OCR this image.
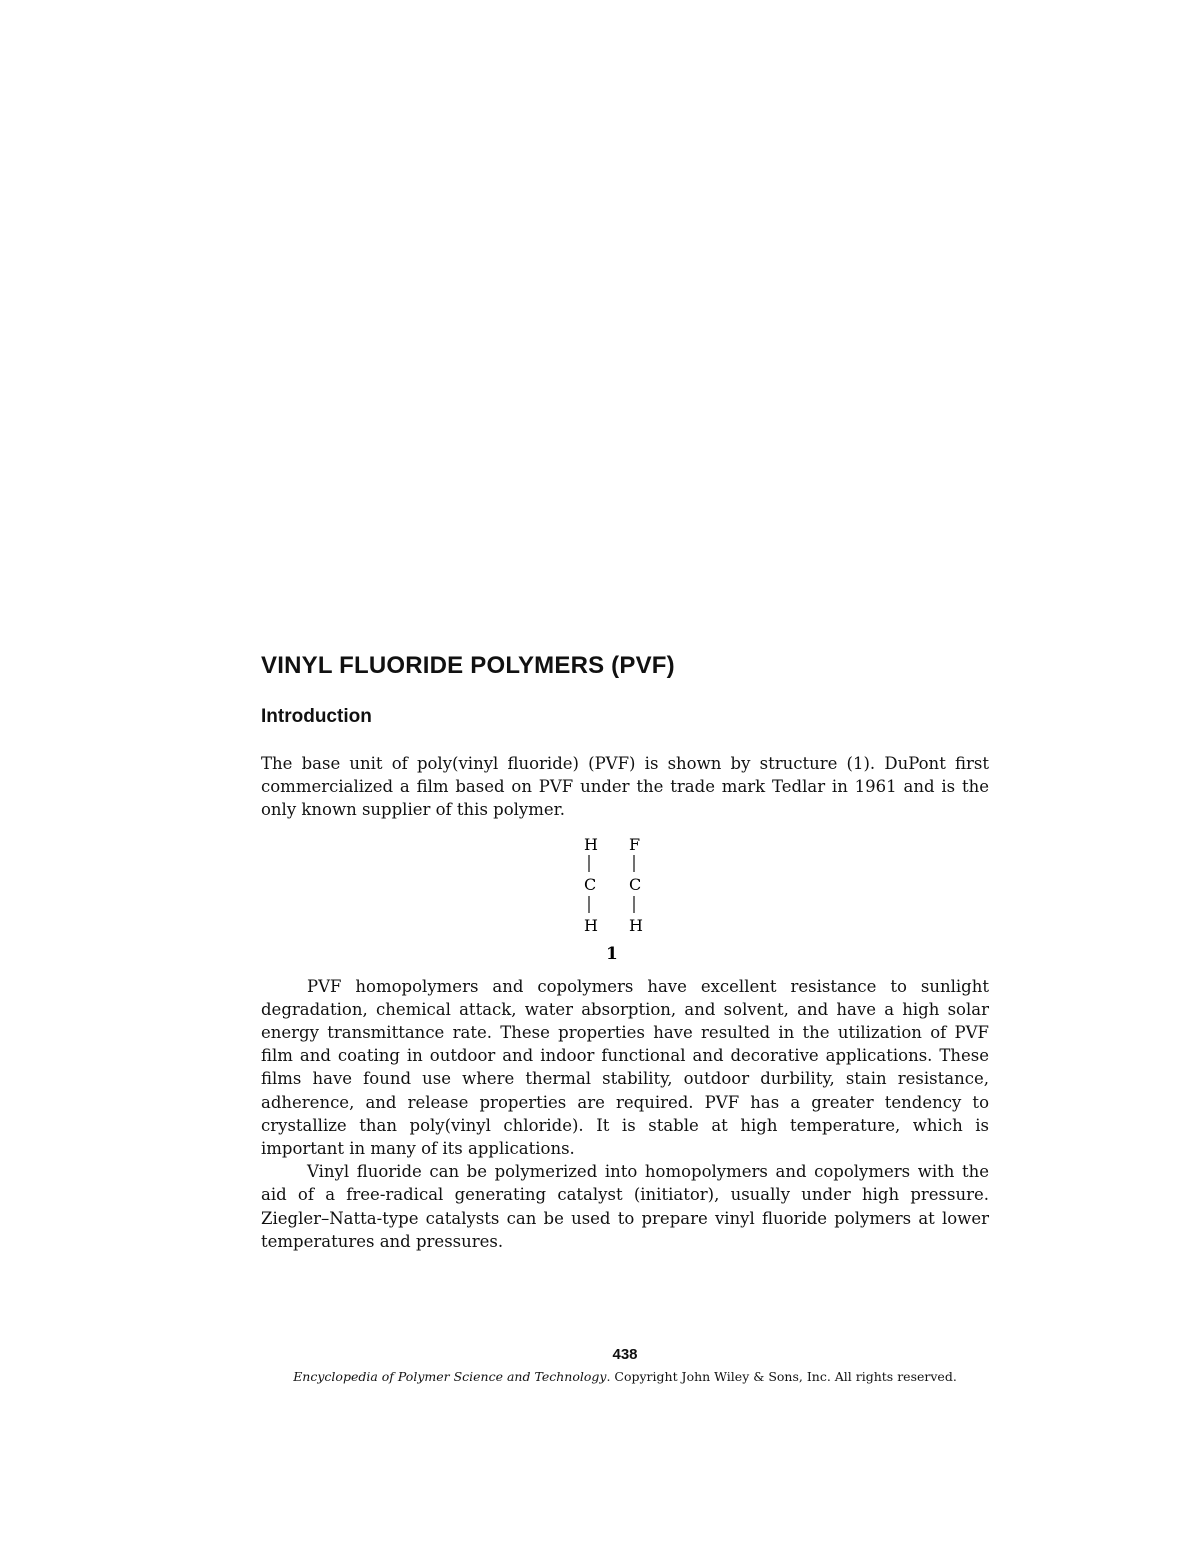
VINYL FLUORIDE POLYMERS (PVF)
Introduction

The base unit of poly(vinyl fluoride) (PVF) is shown by structure (1). DuPont first commercialized a film based on PVF under the trade mark Tedlar in 1961 and is the only known supplier of this polymer.

H F
C C
H H
1

PVF homopolymers and copolymers have excellent resistance to sunlight degradation, chemical attack, water absorption, and solvent, and have a high solar energy transmittance rate. These properties have resulted in the utilization of PVF film and coating in outdoor and indoor functional and decorative applications. These films have found use where thermal stability, outdoor durbility, stain resistance, adherence, and release properties are required. PVF has a greater tendency to crystallize than poly(vinyl chloride). It is stable at high temperature, which is important in many of its applications.

Vinyl fluoride can be polymerized into homopolymers and copolymers with the aid of a free-radical generating catalyst (initiator), usually under high pressure. Ziegler–Natta-type catalysts can be used to prepare vinyl fluoride polymers at lower temperatures and pressures.

438
Encyclopedia of Polymer Science and Technology. Copyright John Wiley & Sons, Inc. All rights reserved.
